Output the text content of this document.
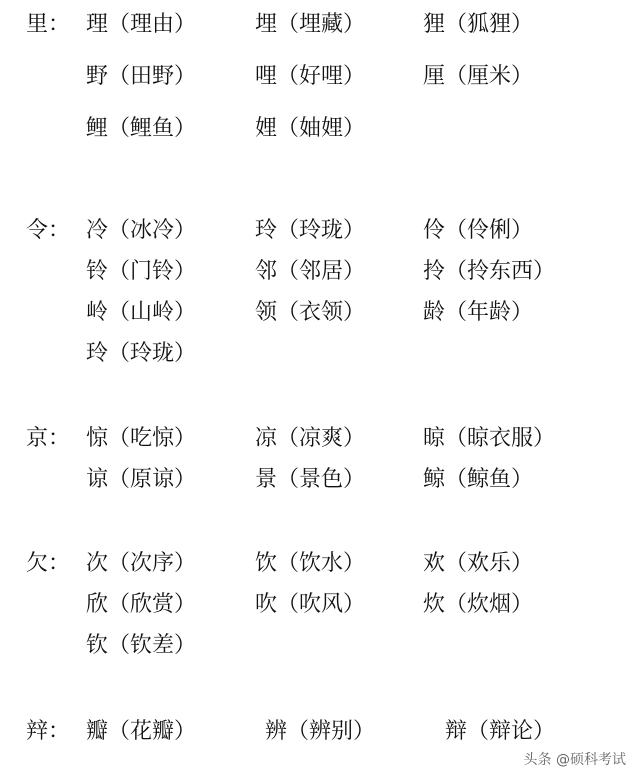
里： 理（理由）	埋（埋藏）	狸（狐狸）
野（田野）	哩（好哩）	厘（厘米）
鲤（鲤鱼）	娌（妯娌）
令： 冷（冰冷）	玲（玲珑）	伶（伶俐）
铃（门铃）	邻（邻居）	拎（拎东西）
岭（山岭）	领（衣领）	龄（年龄）
玲（玲珑）
京： 惊（吃惊）	凉（凉爽）	晾（晾衣服）
谅（原谅）	景（景色）	鲸（鲸鱼）
欠： 次（次序）	饮（饮水）	欢（欢乐）
欣（欣赏）	吹（吹风）	炊（炊烟）
钦（钦差）
辡： 瓣（花瓣）	辨（辨别）	辩（辩论）
头条 @硕科考试
